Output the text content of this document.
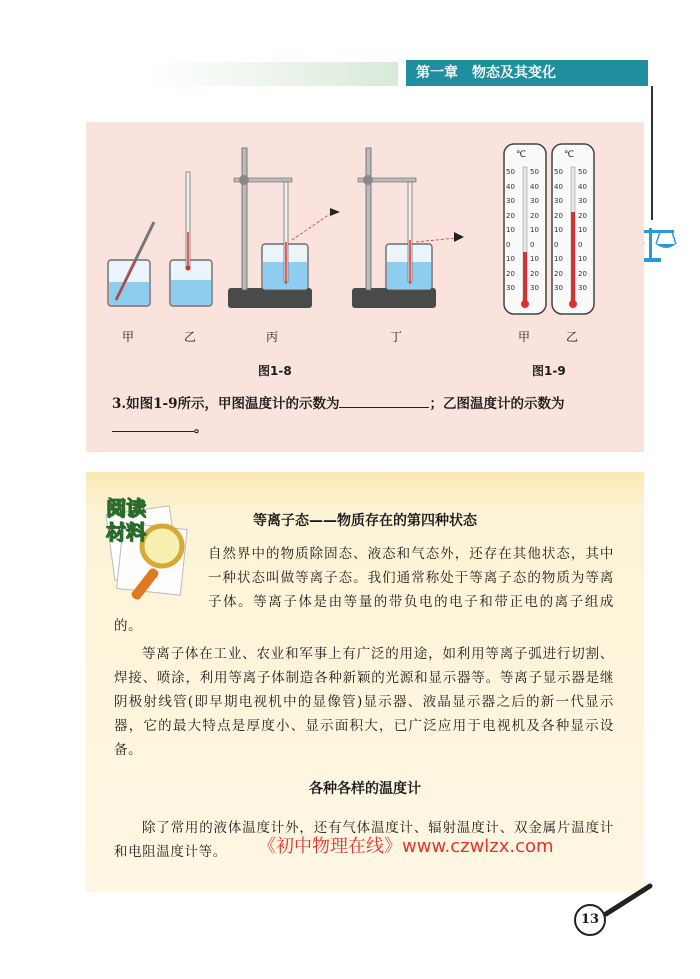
第一章　物态及其变化
℃	℃
50 50
40 40
30 30
20 20
10 10
0	0
10 10
20 20
30 30
50 50
40 40
30 30
20 20
10 10
0	0
10 10
20 20
30 30
甲	乙	丙	丁	甲	乙
图1-8	图1-9
3.如图1-9所示，甲图温度计的示数为	；乙图温度计的示数为。
阅读材料	等离子态——物质存在的第四种状态
自然界中的物质除固态、液态和气态外，还存在其他状态，其中一种状态叫做等离子态。我们通常称处于等离子态的物质为等离子体。等离子体是由等量的带负电的电子和带正电的离子组成的。
等离子体在工业、农业和军事上有广泛的用途，如利用等离子弧进行切割、焊接、喷涂，利用等离子体制造各种新颖的光源和显示器等。等离子显示器是继阴极射线管(即早期电视机中的显像管)显示器、液晶显示器之后的新一代显示器，它的最大特点是厚度小、显示面积大，已广泛应用于电视机及各种显示设备。
各种各样的温度计
除了常用的液体温度计外，还有气体温度计、辐射温度计、双金属片温度计和电阻温度计等。	《初中物理在线》www.czwlzx.com
13
